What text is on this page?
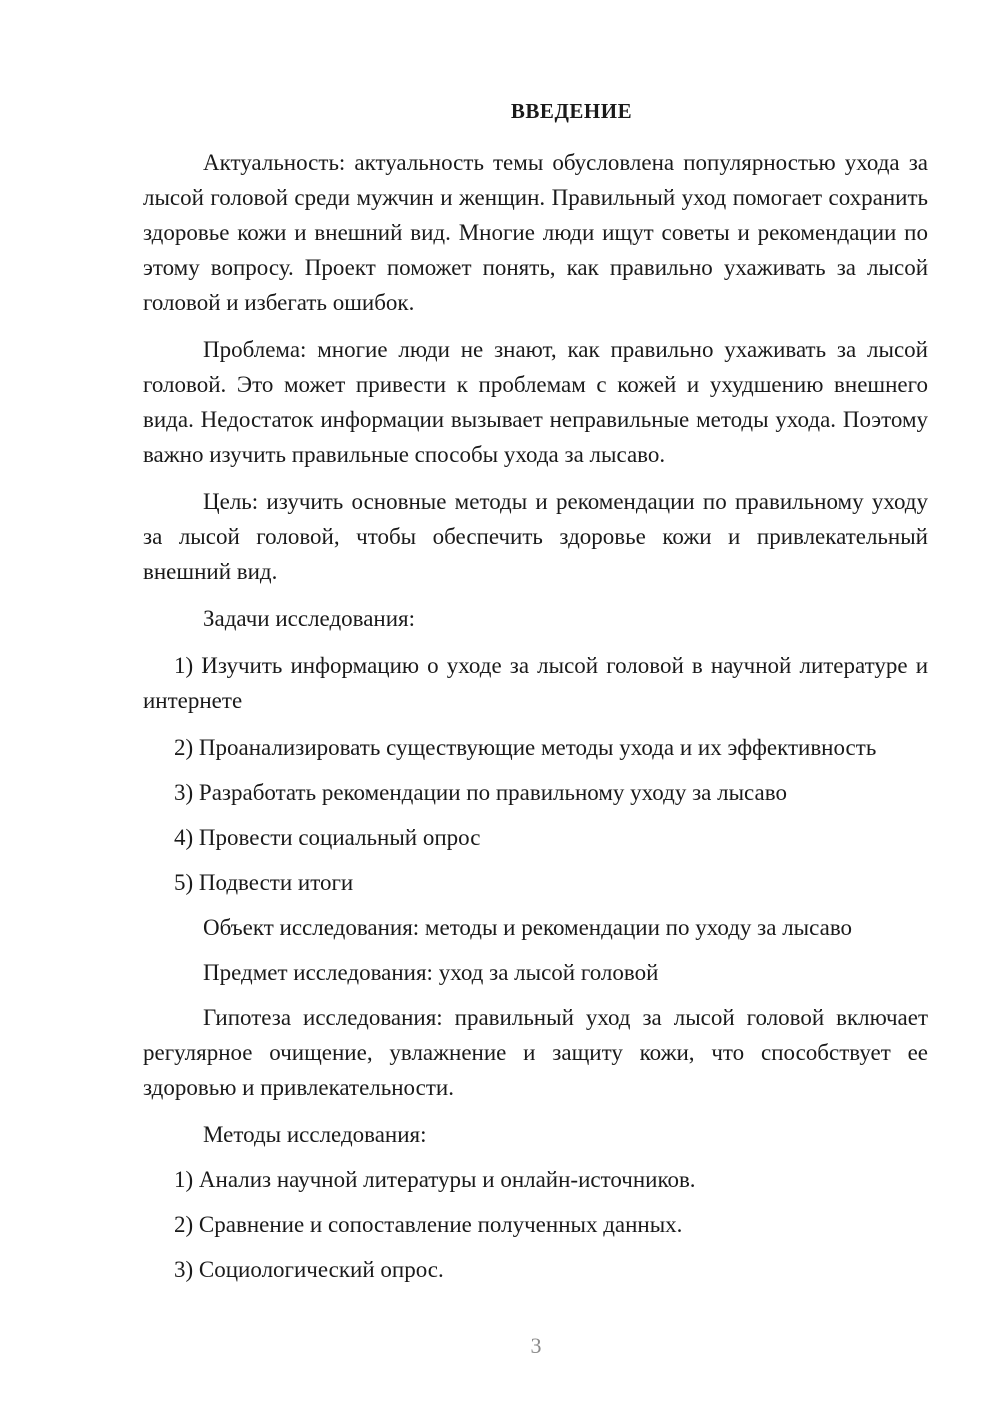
ВВЕДЕНИЕ

Актуальность: актуальность темы обусловлена популярностью ухода за лысой головой среди мужчин и женщин. Правильный уход помогает сохранить здоровье кожи и внешний вид. Многие люди ищут советы и рекомендации по этому вопросу. Проект поможет понять, как правильно ухаживать за лысой головой и избегать ошибок.

Проблема: многие люди не знают, как правильно ухаживать за лысой головой. Это может привести к проблемам с кожей и ухудшению внешнего вида. Недостаток информации вызывает неправильные методы ухода. Поэтому важно изучить правильные способы ухода за лысаво.

Цель: изучить основные методы и рекомендации по правильному уходу за лысой головой, чтобы обеспечить здоровье кожи и привлекательный внешний вид.

Задачи исследования:

1) Изучить информацию о уходе за лысой головой в научной литературе и интернете

2) Проанализировать существующие методы ухода и их эффективность

3) Разработать рекомендации по правильному уходу за лысаво

4) Провести социальный опрос

5) Подвести итоги

Объект исследования: методы и рекомендации по уходу за лысаво

Предмет исследования: уход за лысой головой

Гипотеза исследования: правильный уход за лысой головой включает регулярное очищение, увлажнение и защиту кожи, что способствует ее здоровью и привлекательности.

Методы исследования:

1) Анализ научной литературы и онлайн-источников.

2) Сравнение и сопоставление полученных данных.

3) Социологический опрос.

3
